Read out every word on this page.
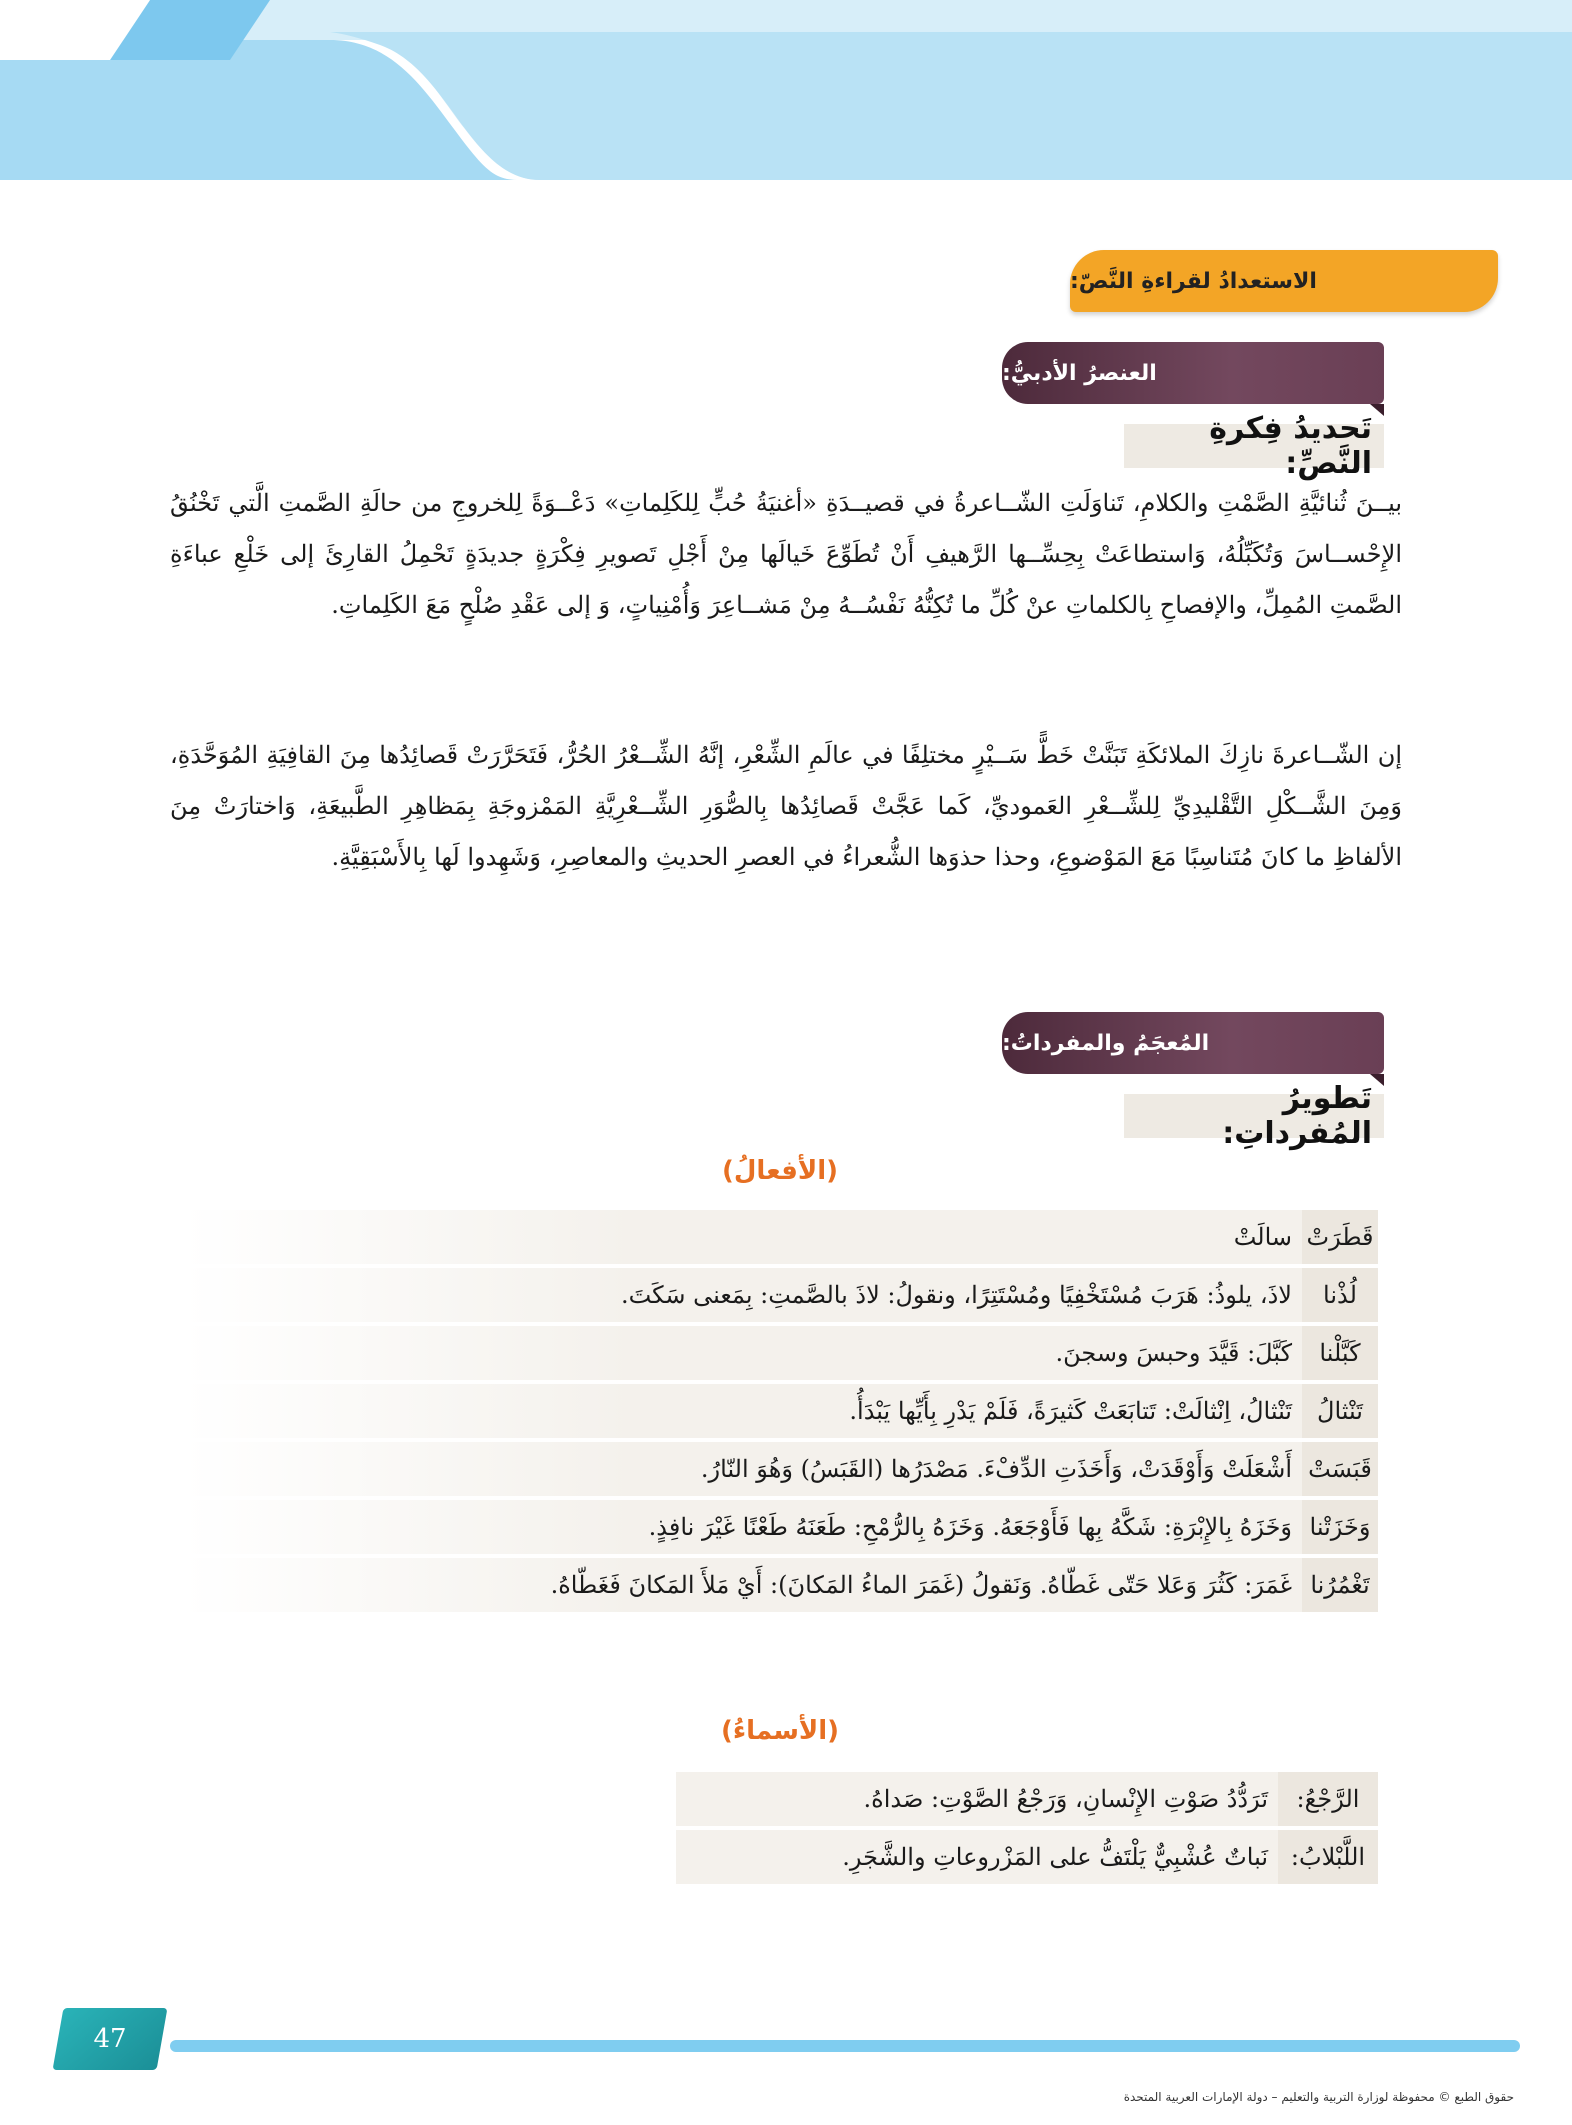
الاستعدادُ لقراءةِ النَّصّ:
العنصرُ الأدبيُّ:
تَحديدُ فِكرةِ النَّصِّ:

بيــنَ ثُنائيَّةِ الصَّمْتِ والكلامِ، تَناوَلَتِ الشّــاعرةُ في قصيــدَةِ «أغنيَةُ حُبٍّ لِلكَلِماتِ» دَعْــوَةً لِلخروجِ من حالَةِ الصَّمتِ الَّتي تَخْنُقُ الإِحْســاسَ وَتُكَبِّلُهُ، وَاستطاعَتْ بِحِسِّــها الرَّهيفِ أَنْ تُطَوِّعَ خَيالَها مِنْ أَجْلِ تَصويرِ فِكْرَةٍ جديدَةٍ تَحْمِلُ القارِئَ إلى خَلْعِ عباءَةِ الصَّمتِ المُمِلِّ، والإفصاحِ بِالكلماتِ عنْ كُلِّ ما تُكِنُّهُ نَفْسُــهُ مِنْ مَشــاعِرَ وَأُمْنِياتٍ، وَ إلى عَقْدِ صُلْحٍ مَعَ الكَلِماتِ.

إن الشّــاعرةَ نازِكَ الملائكَةِ تَبَنَّتْ خَطًّ سَــيْرٍ مختلِفًا في عالَمِ الشِّعْرِ، إنَّهُ الشِّــعْرُ الحُرُّ، فَتَحَرَّرَتْ قَصائِدُها مِنَ القافِيَةِ المُوَحَّدَةِ، وَمِنَ الشَّــكْلِ التَّقْليدِيِّ لِلشِّــعْرِ العَموديِّ، كَما عَجَّتْ قَصائِدُها بِالصُّوَرِ الشِّــعْرِيَّةِ المَمْزوجَةِ بِمَظاهِرِ الطَّبيعَةِ، وَاختارَتْ مِنَ الألفاظِ ما كانَ مُتَناسِبًا مَعَ المَوْضوعِ، وحذا حذوَها الشُّعراءُ في العصرِ الحديثِ والمعاصِرِ، وَشَهِدوا لَها بِالأَسْبَقِيَّةِ.

المُعجَمُ والمفرداتُ:
تَطويرُ المُفرداتِ:
(الأفعالُ)
قَطَرَتْ
سالَتْ
لُذْنا
لاذَ، يلوذُ: هَرَبَ مُسْتَخْفِيًا ومُسْتَتِرًا، ونقولُ: لاذَ بالصَّمتِ: بِمَعنى سَكَتَ.
كَبَّلْنا
كَبَّلَ: قَيَّدَ وحبسَ وسجنَ.
تَنْثالُ
تَنْثالُ، اِنْثالَتْ: تَتابَعَتْ كَثيرَةً، فَلَمْ يَدْرِ بِأَيِّها يَبْدَأُ.
قَبَسَتْ
أَشْعَلَتْ وَأَوْقَدَتْ، وَأَخَذَتِ الدِّفْءَ. مَصْدَرُها (القَبَسُ) وَهُوَ النّارُ.
وَخَزَتْنا
وَخَزَهُ بِالإِبْرَةِ: شَكَّهُ بِها فَأَوْجَعَهُ. وَخَزَهُ بِالرُّمْحِ: طَعَنَهُ طَعْنًا غَيْرَ نافِذٍ.
تَغْمُرُنا
غَمَرَ: كَثُرَ وَعَلا حَتّى غَطّاهُ. وَنَقولُ (غَمَرَ الماءُ المَكانَ): أَيْ مَلأَ المَكانَ فَغَطّاهُ.
(الأسماءُ)
الرَّجْعُ:
تَرَدُّدُ صَوْتِ الإِنْسانِ، وَرَجْعُ الصَّوْتِ: صَداهُ.
اللَّبْلابُ:
نَباتٌ عُشْبِيٌّ يَلْتَفُّ على المَزْروعاتِ والشَّجَرِ.
47
حقوق الطبع © محفوظة لوزارة التربية والتعليم – دولة الإمارات العربية المتحدة
